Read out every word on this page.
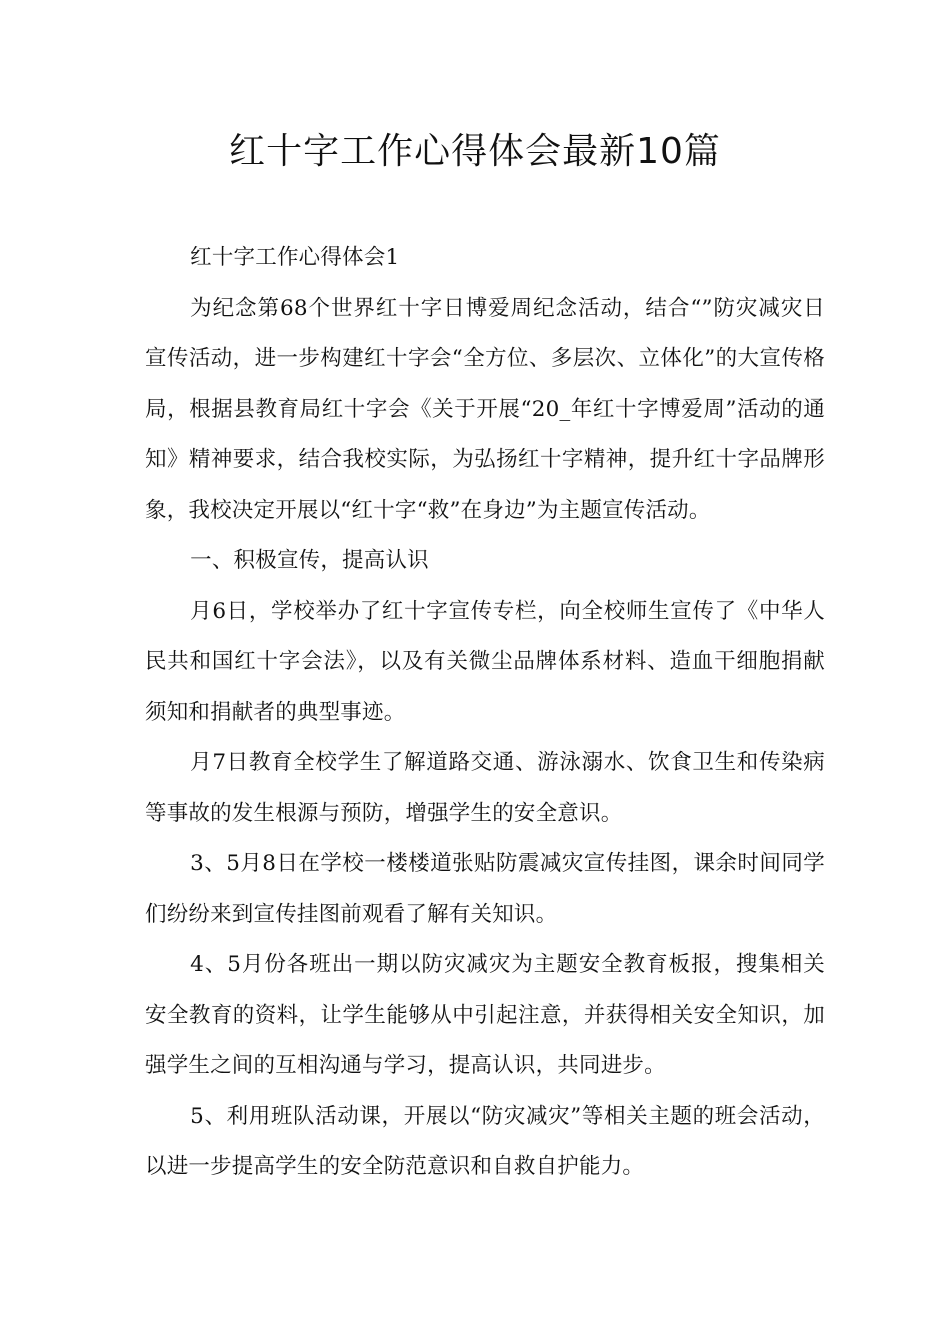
红十字工作心得体会最新10篇

红十字工作心得体会1

为纪念第68个世界红十字日博爱周纪念活动，结合“”防灾减灾日宣传活动，进一步构建红十字会“全方位、多层次、立体化”的大宣传格局，根据县教育局红十字会《关于开展“20_年红十字博爱周”活动的通知》精神要求，结合我校实际，为弘扬红十字精神，提升红十字品牌形象，我校决定开展以“红十字“救”在身边”为主题宣传活动。

一、积极宣传，提高认识

月6日，学校举办了红十字宣传专栏，向全校师生宣传了《中华人民共和国红十字会法》，以及有关微尘品牌体系材料、造血干细胞捐献须知和捐献者的典型事迹。

月7日教育全校学生了解道路交通、游泳溺水、饮食卫生和传染病等事故的发生根源与预防，增强学生的安全意识。

3、5月8日在学校一楼楼道张贴防震减灾宣传挂图，课余时间同学们纷纷来到宣传挂图前观看了解有关知识。

4、5月份各班出一期以防灾减灾为主题安全教育板报，搜集相关安全教育的资料，让学生能够从中引起注意，并获得相关安全知识，加强学生之间的互相沟通与学习，提高认识，共同进步。

5、利用班队活动课，开展以“防灾减灾”等相关主题的班会活动，以进一步提高学生的安全防范意识和自救自护能力。
